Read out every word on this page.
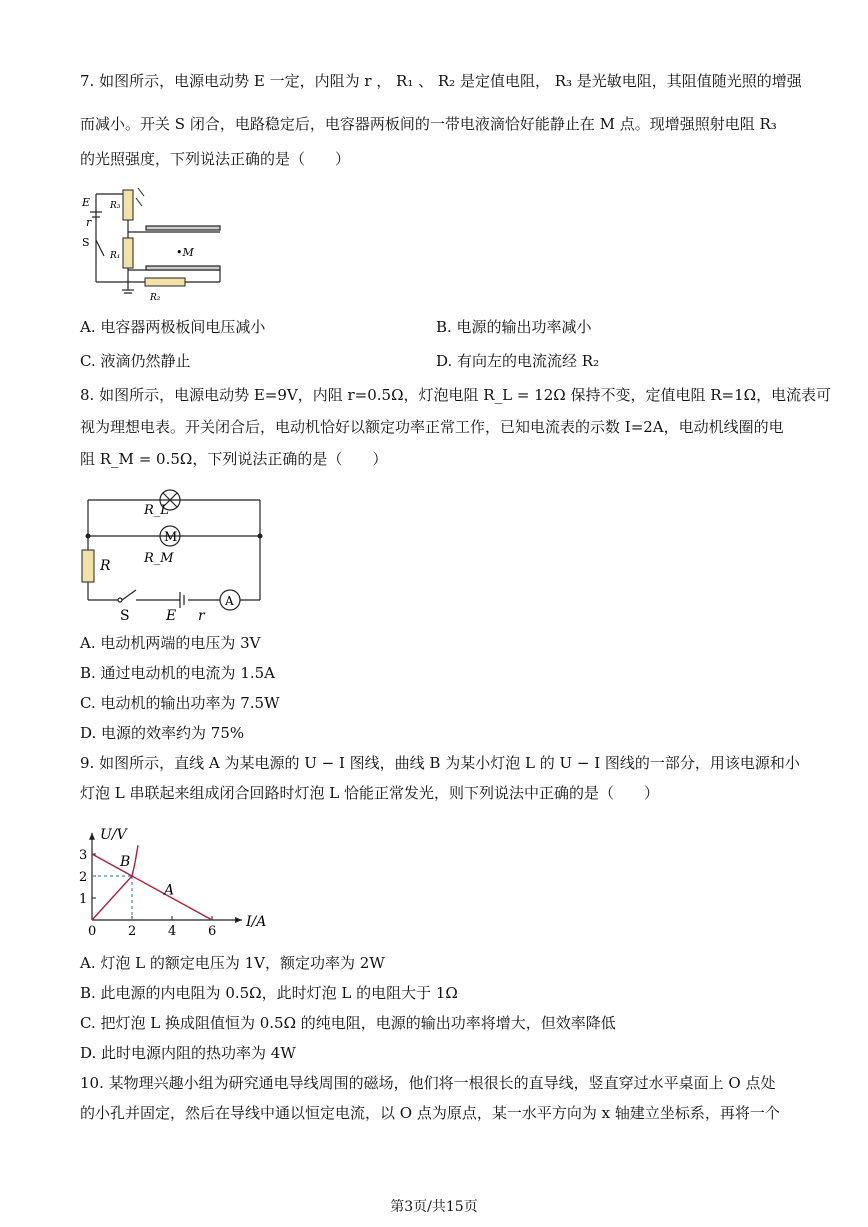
7. 如图所示，电源电动势 E 一定，内阻为 r ， R₁ 、 R₂ 是定值电阻， R₃ 是光敏电阻，其阻值随光照的增强
而减小。开关 S 闭合，电路稳定后，电容器两板间的一带电液滴恰好能静止在 M 点。现增强照射电阻 R₃
的光照强度，下列说法正确的是（　　）
E
r
S
R₃
R₁
R₂
•M
A. 电容器两极板间电压减小	B. 电源的输出功率减小
C. 液滴仍然静止	D. 有向左的电流流经 R₂
8. 如图所示，电源电动势 E=9V，内阻 r=0.5Ω，灯泡电阻 R_L = 12Ω 保持不变，定值电阻 R=1Ω，电流表可
视为理想电表。开关闭合后，电动机恰好以额定功率正常工作，已知电流表的示数 I=2A，电动机线圈的电
阻 R_M = 0.5Ω，下列说法正确的是（　　）
M
A
R_L
R_M
R
S	E r
A. 电动机两端的电压为 3V
B. 通过电动机的电流为 1.5A
C. 电动机的输出功率为 7.5W
D. 电源的效率约为 75%
9. 如图所示，直线 A 为某电源的 U − I 图线，曲线 B 为某小灯泡 L 的 U − I 图线的一部分，用该电源和小
灯泡 L 串联起来组成闭合回路时灯泡 L 恰能正常发光，则下列说法中正确的是（　　）
0 2 4 6
1
2
3
I/A
U/V
A
B
A. 灯泡 L 的额定电压为 1V，额定功率为 2W
B. 此电源的内电阻为 0.5Ω，此时灯泡 L 的电阻大于 1Ω
C. 把灯泡 L 换成阻值恒为 0.5Ω 的纯电阻，电源的输出功率将增大，但效率降低
D. 此时电源内阻的热功率为 4W
10. 某物理兴趣小组为研究通电导线周围的磁场，他们将一根很长的直导线，竖直穿过水平桌面上 O 点处
的小孔并固定，然后在导线中通以恒定电流，以 O 点为原点，某一水平方向为 x 轴建立坐标系，再将一个
第3页/共15页
